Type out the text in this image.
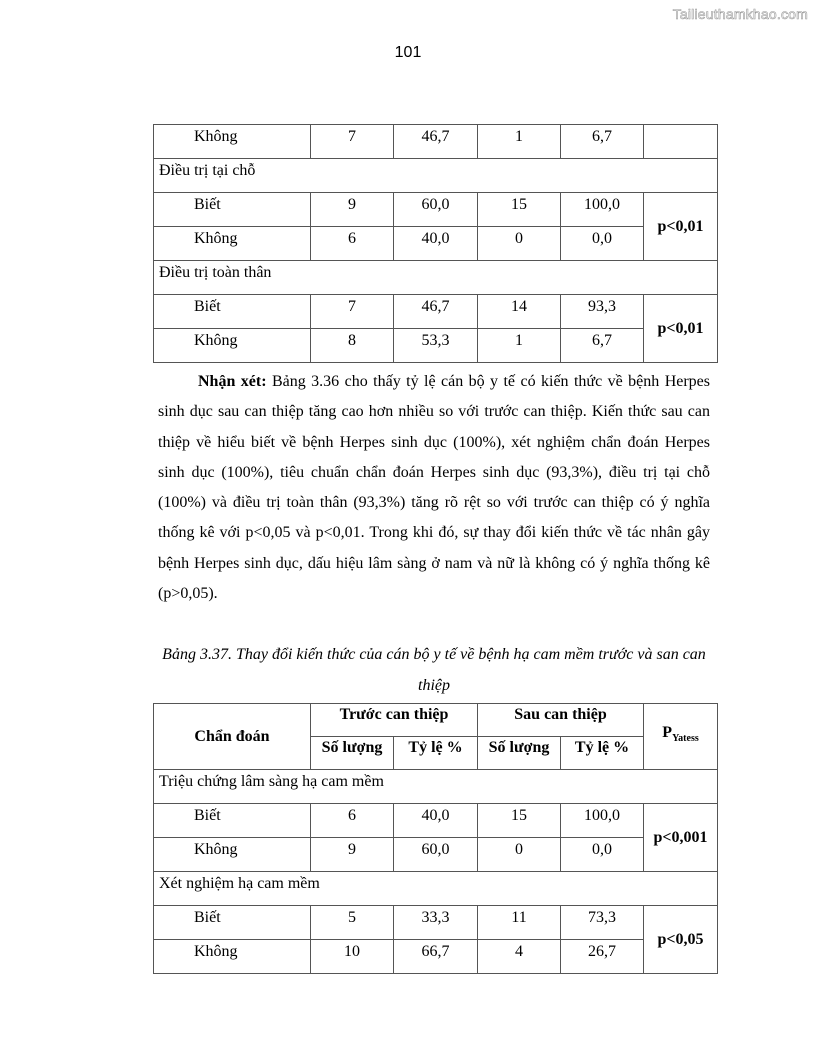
Tailieuthamkhao.com
101
Không	7	46,7	1	6,7	
Điều trị tại chỗ					
Biết	9	60,0	15	100,0	p<0,01
Không	6	40,0	0	0,0	
Điều trị toàn thân					
Biết	7	46,7	14	93,3	p<0,01
Không	8	53,3	1	6,7	

Nhận xét: Bảng 3.36 cho thấy tỷ lệ cán bộ y tế có kiến thức về bệnh Herpes sinh dục sau can thiệp tăng cao hơn nhiều so với trước can thiệp. Kiến thức sau can thiệp về hiểu biết về bệnh Herpes sinh dục (100%), xét nghiệm chẩn đoán Herpes sinh dục (100%), tiêu chuẩn chẩn đoán Herpes sinh dục (93,3%), điều trị tại chỗ (100%) và điều trị toàn thân (93,3%) tăng rõ rệt so với trước can thiệp có ý nghĩa thống kê với p<0,05 và p<0,01. Trong khi đó, sự thay đổi kiến thức về tác nhân gây bệnh Herpes sinh dục, dấu hiệu lâm sàng ở nam và nữ là không có ý nghĩa thống kê (p>0,05).

Bảng 3.37. Thay đổi kiến thức của cán bộ y tế về bệnh hạ cam mềm trước và san can thiệp

Chẩn đoán	Trước can thiệp		Sau can thiệp		$P_{Yatess}$
	Số lượng	Tỷ lệ %	Số lượng	Tỷ lệ %	
Triệu chứng lâm sàng hạ cam mềm					
Biết	6	40,0	15	100,0	p<0,001
Không	9	60,0	0	0,0	
Xét nghiệm hạ cam mềm					
Biết	5	33,3	11	73,3	p<0,05
Không	10	66,7	4	26,7	
